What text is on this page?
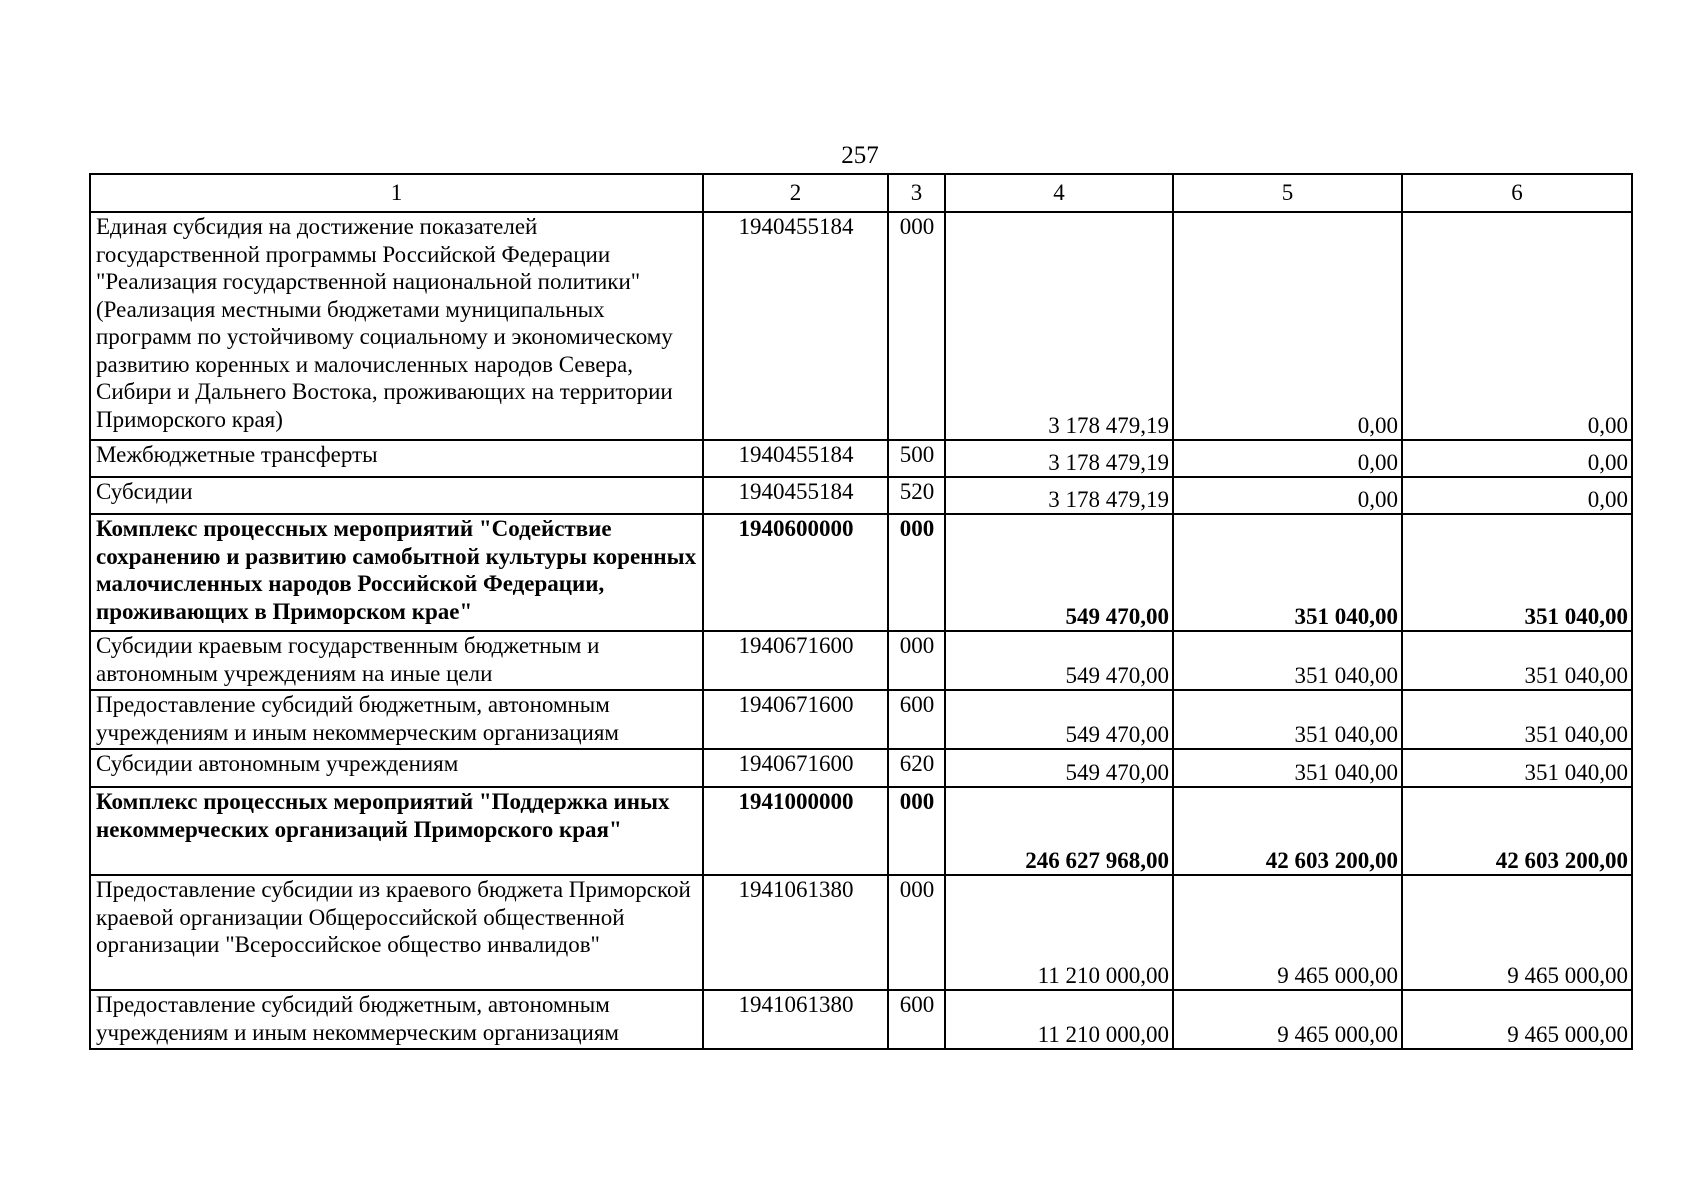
257
1	2	3	4	5	6
Единая субсидия на достижение показателей государственной программы Российской Федерации "Реализация государственной национальной политики" (Реализация местными бюджетами муниципальных программ по устойчивому социальному и экономическому развитию коренных и малочисленных народов Севера, Сибири и Дальнего Востока, проживающих на территории Приморского края)	1940455184	000	3 178 479,19	0,00	0,00
Межбюджетные трансферты	1940455184	500	3 178 479,19	0,00	0,00
Субсидии	1940455184	520	3 178 479,19	0,00	0,00
Комплекс процессных мероприятий "Содействие сохранению и развитию самобытной культуры коренных малочисленных народов Российской Федерации, проживающих в Приморском крае"	1940600000	000	549 470,00	351 040,00	351 040,00
Субсидии краевым государственным бюджетным и автономным учреждениям на иные цели	1940671600	000	549 470,00	351 040,00	351 040,00
Предоставление субсидий бюджетным, автономным учреждениям и иным некоммерческим организациям	1940671600	600	549 470,00	351 040,00	351 040,00
Субсидии автономным учреждениям	1940671600	620	549 470,00	351 040,00	351 040,00
Комплекс процессных мероприятий "Поддержка иных некоммерческих организаций Приморского края"	1941000000	000	246 627 968,00	42 603 200,00	42 603 200,00
Предоставление субсидии из краевого бюджета Приморской краевой организации Общероссийской общественной организации "Всероссийское общество инвалидов"	1941061380	000	11 210 000,00	9 465 000,00	9 465 000,00
Предоставление субсидий бюджетным, автономным учреждениям и иным некоммерческим организациям	1941061380	600	11 210 000,00	9 465 000,00	9 465 000,00
